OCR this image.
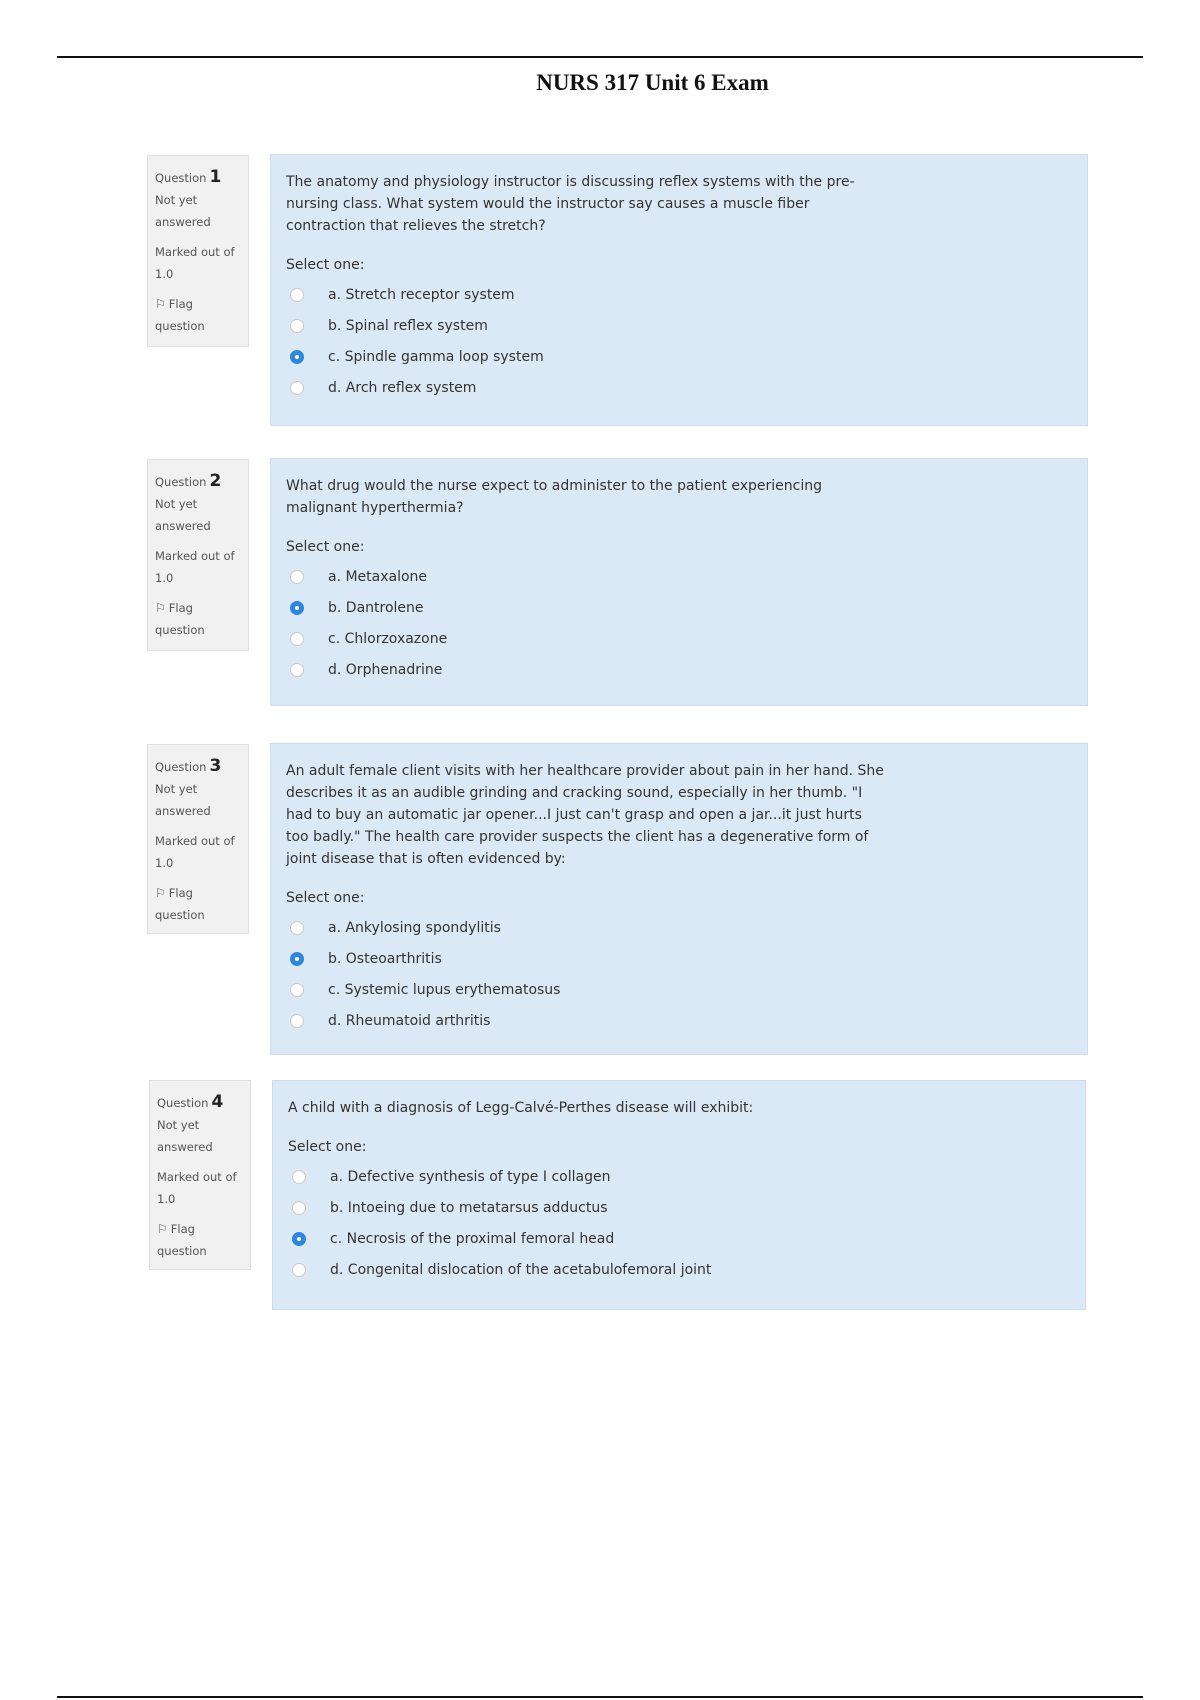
NURS 317 Unit 6 Exam
Question 1
Not yet answered
Marked out of 1.0
⚐ Flag question
The anatomy and physiology instructor is discussing reflex systems with the pre-nursing class. What system would the instructor say causes a muscle fiber contraction that relieves the stretch?
Select one:
a. Stretch receptor system
b. Spinal reflex system
c. Spindle gamma loop system
d. Arch reflex system
Question 2
Not yet answered
Marked out of 1.0
⚐ Flag question
What drug would the nurse expect to administer to the patient experiencing malignant hyperthermia?
Select one:
a. Metaxalone
b. Dantrolene
c. Chlorzoxazone
d. Orphenadrine
Question 3
Not yet answered
Marked out of 1.0
⚐ Flag question
An adult female client visits with her healthcare provider about pain in her hand. She describes it as an audible grinding and cracking sound, especially in her thumb. "I had to buy an automatic jar opener...I just can't grasp and open a jar...it just hurts too badly." The health care provider suspects the client has a degenerative form of joint disease that is often evidenced by:
Select one:
a. Ankylosing spondylitis
b. Osteoarthritis
c. Systemic lupus erythematosus
d. Rheumatoid arthritis
Question 4
Not yet answered
Marked out of 1.0
⚐ Flag question
A child with a diagnosis of Legg-Calvé-Perthes disease will exhibit:
Select one:
a. Defective synthesis of type I collagen
b. Intoeing due to metatarsus adductus
c. Necrosis of the proximal femoral head
d. Congenital dislocation of the acetabulofemoral joint
